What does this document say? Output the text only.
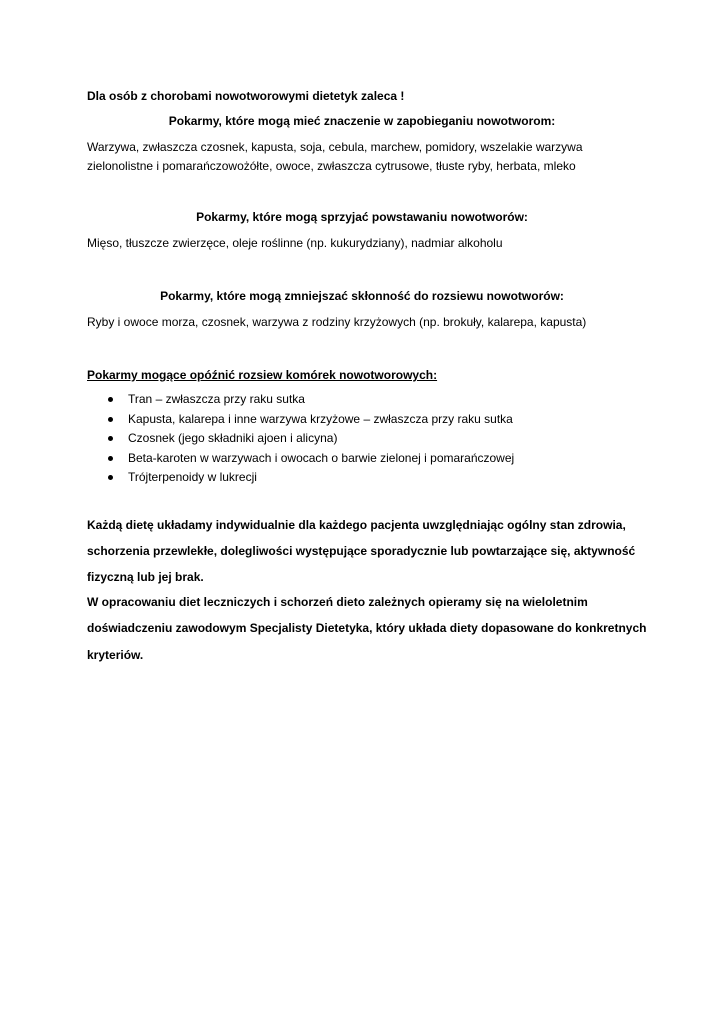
Dla osób z chorobami nowotworowymi dietetyk zaleca !
Pokarmy, które mogą mieć znaczenie w zapobieganiu nowotworom:
Warzywa, zwłaszcza czosnek, kapusta, soja, cebula, marchew, pomidory, wszelakie warzywa
zielonolistne i pomarańczowożółte, owoce, zwłaszcza cytrusowe, tłuste ryby, herbata, mleko
Pokarmy, które mogą sprzyjać powstawaniu nowotworów:
Mięso, tłuszcze zwierzęce, oleje roślinne (np. kukurydziany), nadmiar alkoholu
Pokarmy, które mogą zmniejszać skłonność do rozsiewu nowotworów:
Ryby i owoce morza, czosnek, warzywa z rodziny krzyżowych (np. brokuły, kalarepa, kapusta)
Pokarmy mogące opóźnić rozsiew komórek nowotworowych:
Tran – zwłaszcza przy raku sutka
Kapusta, kalarepa i inne warzywa krzyżowe – zwłaszcza przy raku sutka
Czosnek (jego składniki ajoen i alicyna)
Beta-karoten w warzywach i owocach o barwie zielonej i pomarańczowej
Trójterpenoidy w lukrecji
Każdą dietę układamy indywidualnie dla każdego pacjenta uwzględniając ogólny stan zdrowia,
schorzenia przewlekłe, dolegliwości występujące sporadycznie lub powtarzające się, aktywność
fizyczną lub jej brak.
W opracowaniu diet leczniczych i schorzeń dieto zależnych opieramy się na wieloletnim
doświadczeniu zawodowym Specjalisty Dietetyka, który układa diety dopasowane do konkretnych
kryteriów.
